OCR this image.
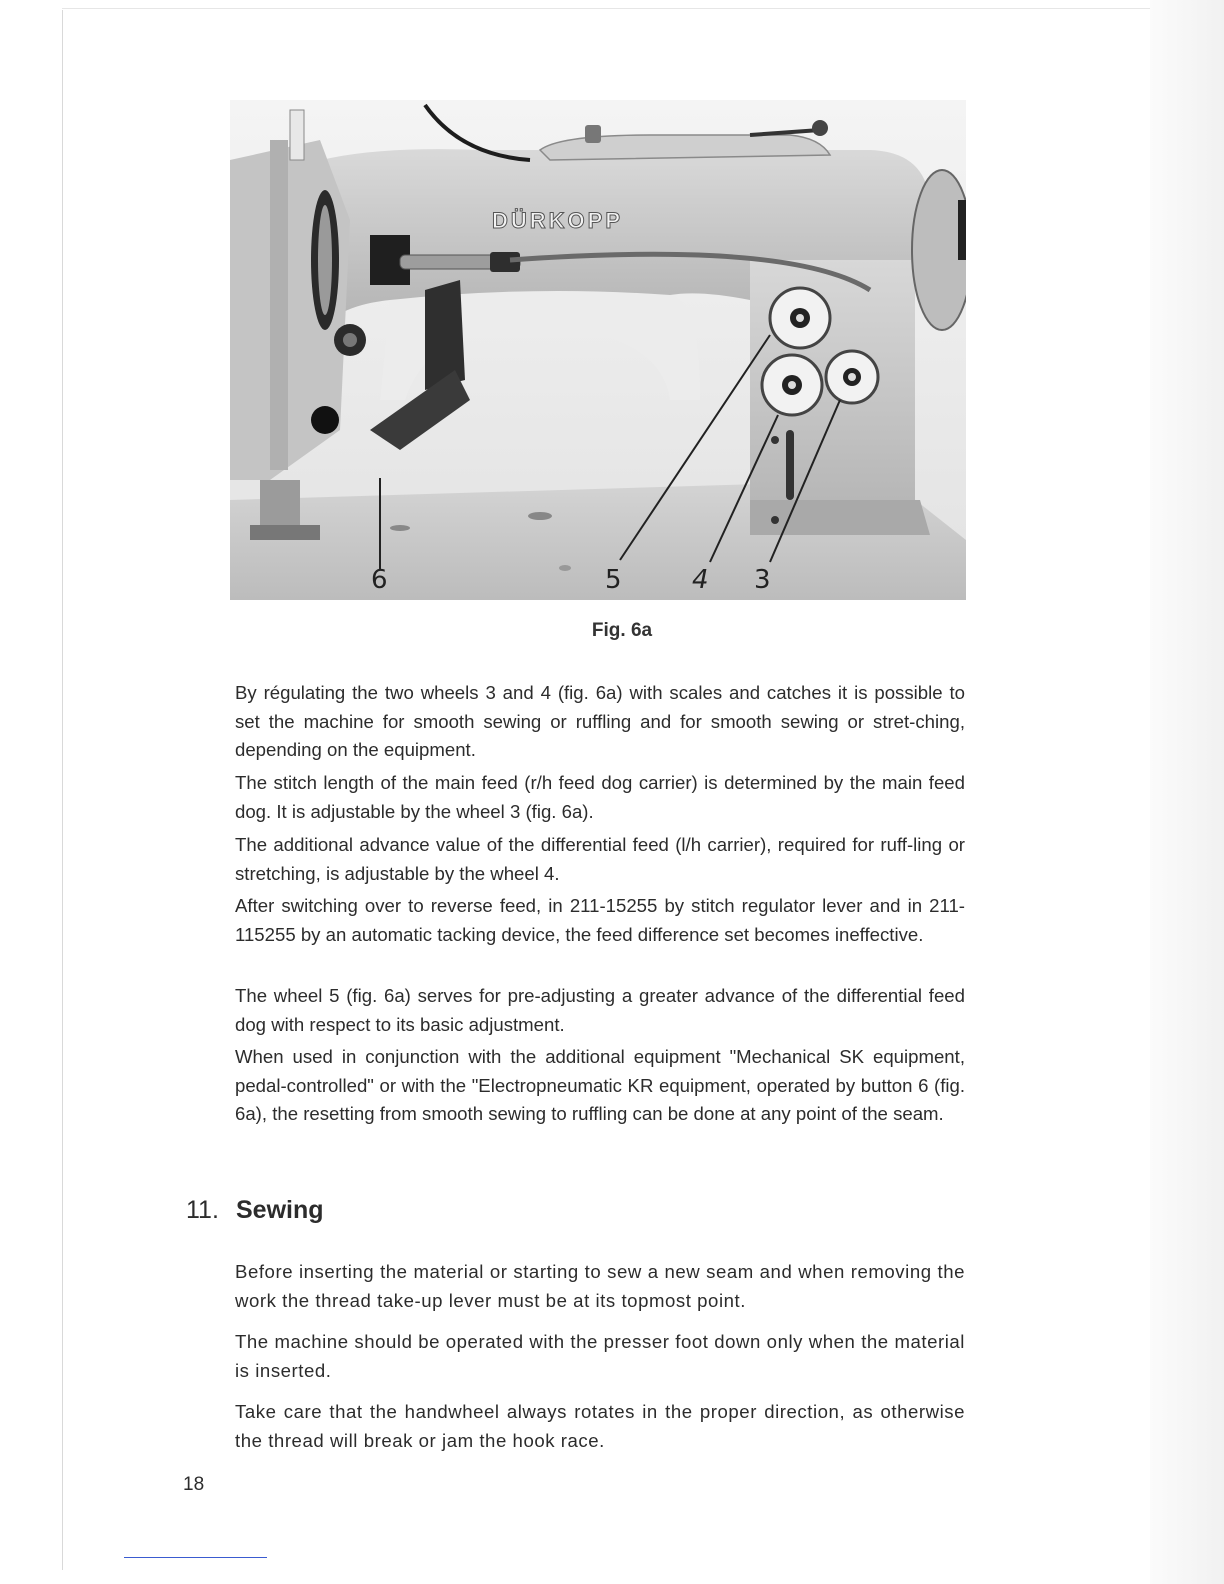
DÜRKOPP
6	5	4 3
Fig. 6a

By régulating the two wheels 3 and 4 (fig. 6a) with scales and catches it is possible to set the machine for smooth sewing or ruffling and for smooth sewing or stret-ching, depending on the equipment.

The stitch length of the main feed (r/h feed dog carrier) is determined by the main feed dog. It is adjustable by the wheel 3 (fig. 6a).

The additional advance value of the differential feed (l/h carrier), required for ruff-ling or stretching, is adjustable by the wheel 4.

After switching over to reverse feed, in 211-15255 by stitch regulator lever and in 211-115255 by an automatic tacking device, the feed difference set becomes ineffective.

The wheel 5 (fig. 6a) serves for pre-adjusting a greater advance of the differential feed dog with respect to its basic adjustment.

When used in conjunction with the additional equipment "Mechanical SK equipment, pedal-controlled" or with the "Electropneumatic KR equipment, operated by button 6 (fig. 6a), the resetting from smooth sewing to ruffling can be done at any point of the seam.

11. Sewing

Before inserting the material or starting to sew a new seam and when removing the work the thread take-up lever must be at its topmost point.

The machine should be operated with the presser foot down only when the material is inserted.

Take care that the handwheel always rotates in the proper direction, as otherwise the thread will break or jam the hook race.

18
